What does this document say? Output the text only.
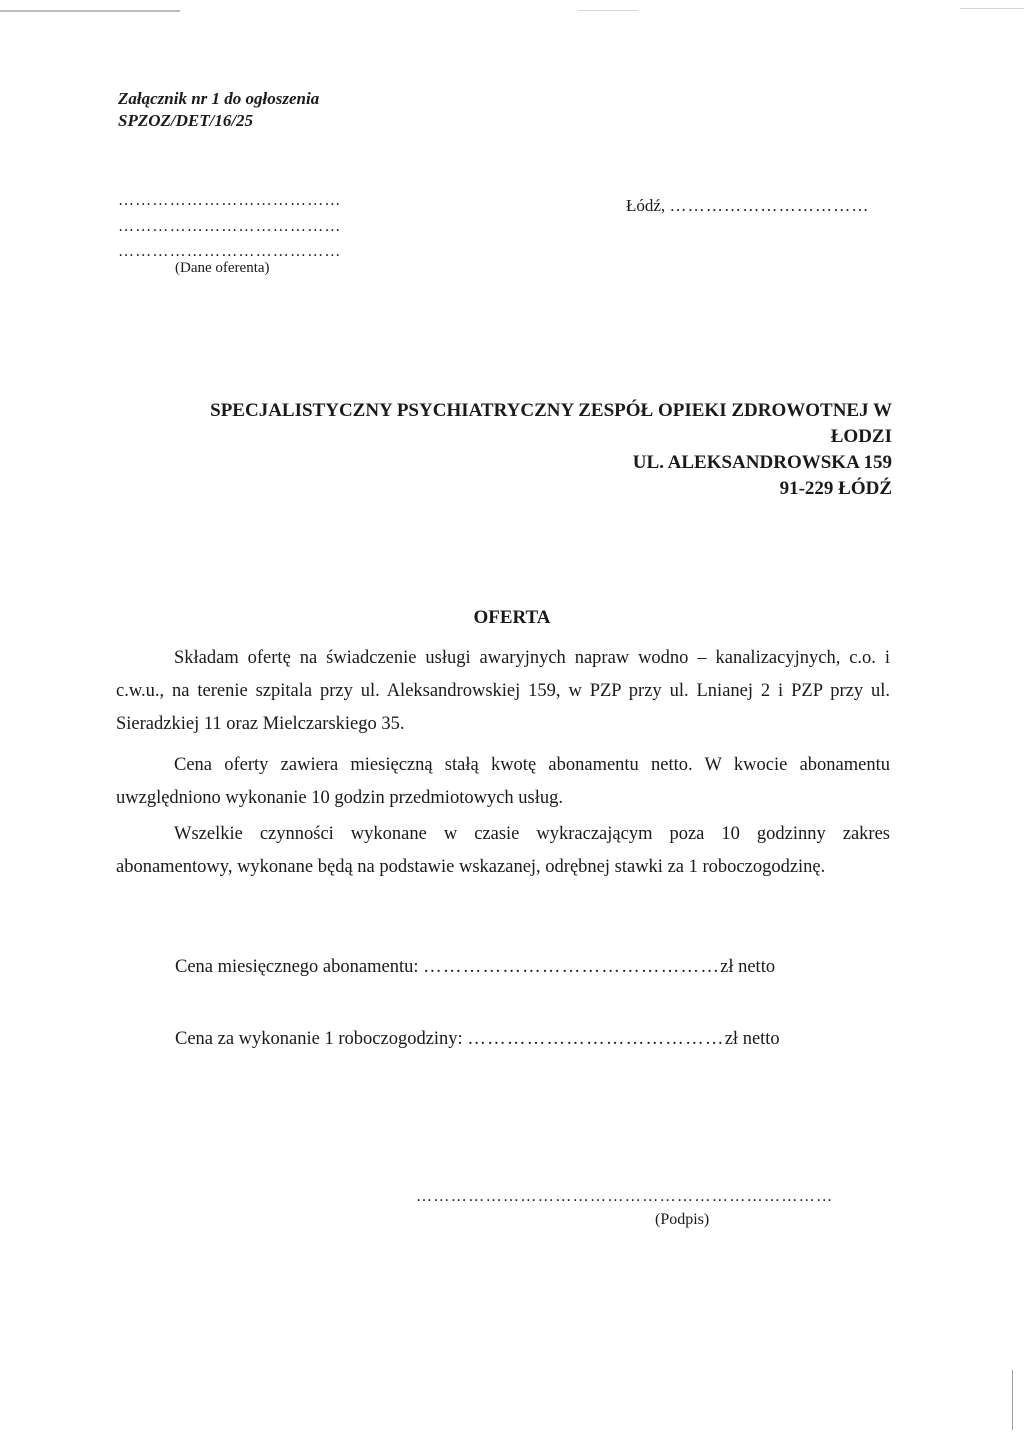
Załącznik nr 1 do ogłoszenia
SPZOZ/DET/16/25
…………………………………
…………………………………
…………………………………
(Dane oferenta)
Łódź, ……………………………
SPECJALISTYCZNY PSYCHIATRYCZNY ZESPÓŁ OPIEKI ZDROWOTNEJ W
ŁODZI
UL. ALEKSANDROWSKA 159
91-229 ŁÓDŹ
OFERTA
Składam ofertę na świadczenie usługi awaryjnych napraw wodno – kanalizacyjnych, c.o. i c.w.u., na terenie szpitala przy ul. Aleksandrowskiej 159, w PZP przy ul. Lnianej 2 i PZP przy ul. Sieradzkiej 11 oraz Mielczarskiego 35.
Cena oferty zawiera miesięczną stałą kwotę abonamentu netto. W kwocie abonamentu uwzględniono wykonanie 10 godzin przedmiotowych usług.
Wszelkie czynności wykonane w czasie wykraczającym poza 10 godzinny zakres abonamentowy, wykonane będą na podstawie wskazanej, odrębnej stawki za 1 roboczogodzinę.
Cena miesięcznego abonamentu: ………………………………………zł netto
Cena za wykonanie 1 roboczogodziny: …………………………………zł netto
………………………………………………………………
(Podpis)
